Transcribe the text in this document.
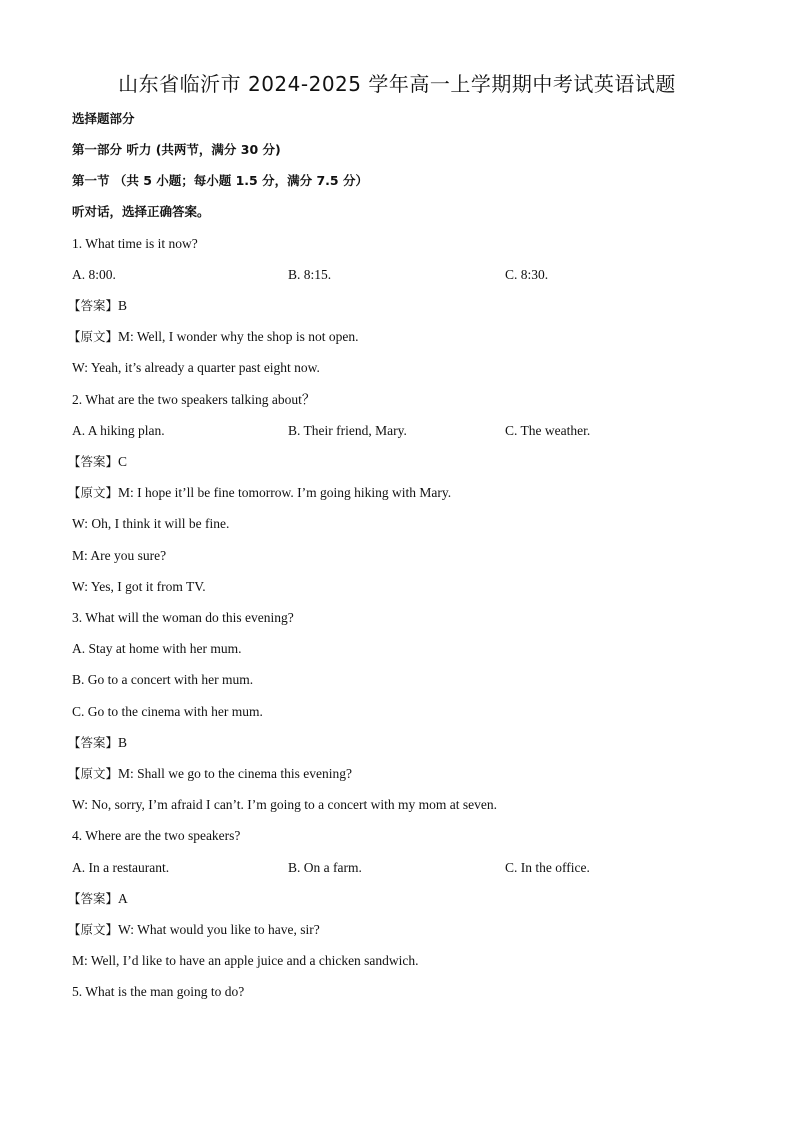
山东省临沂市 2024-2025 学年高一上学期期中考试英语试题
选择题部分
第一部分 听力 (共两节，满分 30 分)
第一节 （共 5 小题；每小题 1.5 分，满分 7.5 分）
听对话，选择正确答案。
1. What time is it now?
A. 8:00.	B. 8:15.	C. 8:30.
【答案】B
【原文】M: Well, I wonder why the shop is not open.
W: Yeah, it’s already a quarter past eight now.
2. What are the two speakers talking about？
A. A hiking plan.	B. Their friend, Mary.	C. The weather.
【答案】C
【原文】M: I hope it’ll be fine tomorrow. I’m going hiking with Mary.
W: Oh, I think it will be fine.
M: Are you sure?
W: Yes, I got it from TV.
3. What will the woman do this evening?
A. Stay at home with her mum.
B. Go to a concert with her mum.
C. Go to the cinema with her mum.
【答案】B
【原文】M: Shall we go to the cinema this evening?
W: No, sorry, I’m afraid I can’t. I’m going to a concert with my mom at seven.
4. Where are the two speakers?
A. In a restaurant.	B. On a farm.	C. In the office.
【答案】A
【原文】W: What would you like to have, sir?
M: Well, I’d like to have an apple juice and a chicken sandwich.
5. What is the man going to do?
